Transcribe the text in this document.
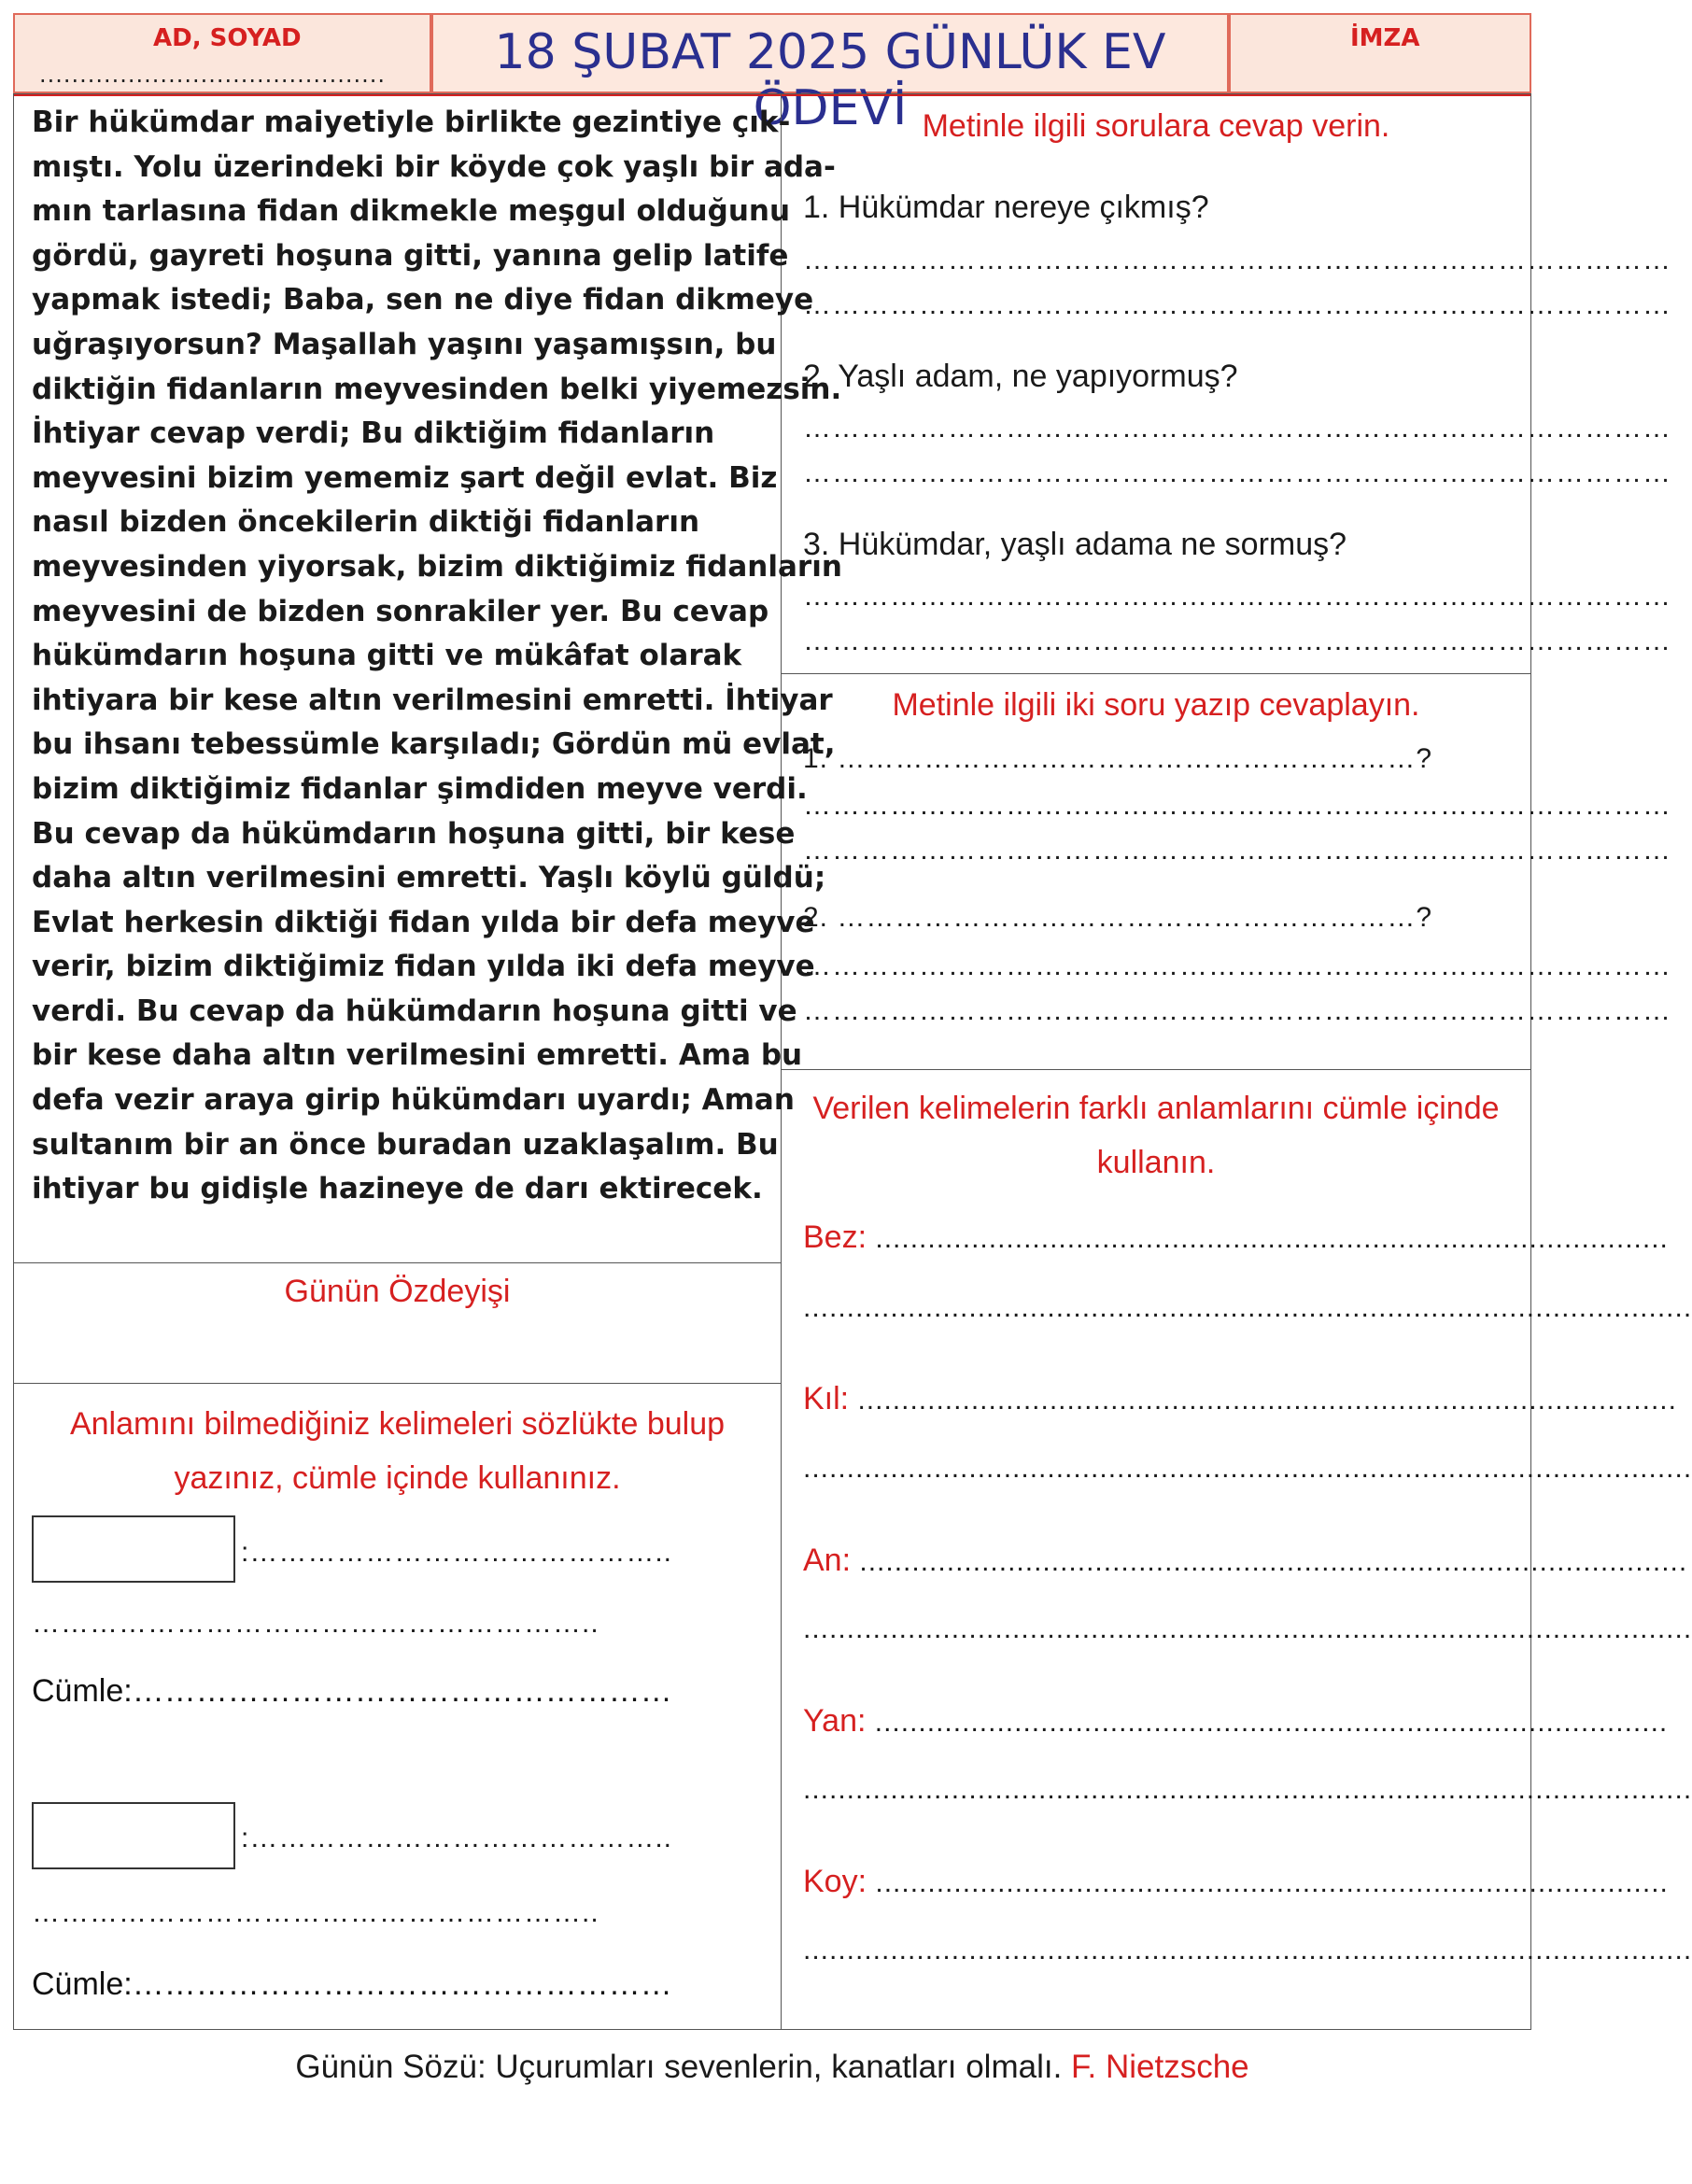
AD, SOYAD
...........................................	18 ŞUBAT 2025 GÜNLÜK EV ÖDEVİ
İMZA
Bir hükümdar maiyetiyle birlikte gezintiye çık-
mıştı. Yolu üzerindeki bir köyde çok yaşlı bir ada-
mın tarlasına fidan dikmekle meşgul olduğunu
gördü, gayreti hoşuna gitti, yanına gelip latife
yapmak istedi; Baba, sen ne diye fidan dikmeye
uğraşıyorsun? Maşallah yaşını yaşamışsın, bu
diktiğin fidanların meyvesinden belki yiyemezsin.
İhtiyar cevap verdi; Bu diktiğim fidanların
meyvesini bizim yememiz şart değil evlat. Biz
nasıl bizden öncekilerin diktiği fidanların
meyvesinden yiyorsak, bizim diktiğimiz fidanların
meyvesini de bizden sonrakiler yer. Bu cevap
hükümdarın hoşuna gitti ve mükâfat olarak
ihtiyara bir kese altın verilmesini emretti. İhtiyar
bu ihsanı tebessümle karşıladı; Gördün mü evlat,
bizim diktiğimiz fidanlar şimdiden meyve verdi.
Bu cevap da hükümdarın hoşuna gitti, bir kese
daha altın verilmesini emretti. Yaşlı köylü güldü;
Evlat herkesin diktiği fidan yılda bir defa meyve
verir, bizim diktiğimiz fidan yılda iki defa meyve
verdi. Bu cevap da hükümdarın hoşuna gitti ve
bir kese daha altın verilmesini emretti. Ama bu
defa vezir araya girip hükümdarı uyardı; Aman
sultanım bir an önce buradan uzaklaşalım. Bu
ihtiyar bu gidişle hazineye de darı ektirecek.
Günün Özdeyişi
Anlamını bilmediğiniz kelimeleri sözlükte bulup
yazınız, cümle içinde kullanınız.
:……………………………………..
…………………………………………………..
Cümle:……………………………………………
:……………………………………..
…………………………………………………..
Cümle:……………………………………………
Metinle ilgili sorulara cevap verin.
1. Hükümdar nereye çıkmış?
………………………………………………………………………………
………………………………………………………………………………
2. Yaşlı adam, ne yapıyormuş?
………………………………………………………………………………
………………………………………………………………………………
3. Hükümdar, yaşlı adama ne sormuş?
………………………………………………………………………………
………………………………………………………………………………
Metinle ilgili iki soru yazıp cevaplayın.
1. ……………………………………………………?
………………………………………………………………………………
………………………………………………………………………………
2. ……………………………………………………?
………………………………………………………………………………
………………………………………………………………………………
Verilen kelimelerin farklı anlamlarını cümle içinde
kullanın.
Bez: ...........................................................................................
......................................................................................................
Kıl: ..............................................................................................
......................................................................................................
An: ...............................................................................................
......................................................................................................
Yan: ...........................................................................................
......................................................................................................
Koy: ...........................................................................................
......................................................................................................
Günün Sözü: Uçurumları sevenlerin, kanatları olmalı. F. Nietzsche
